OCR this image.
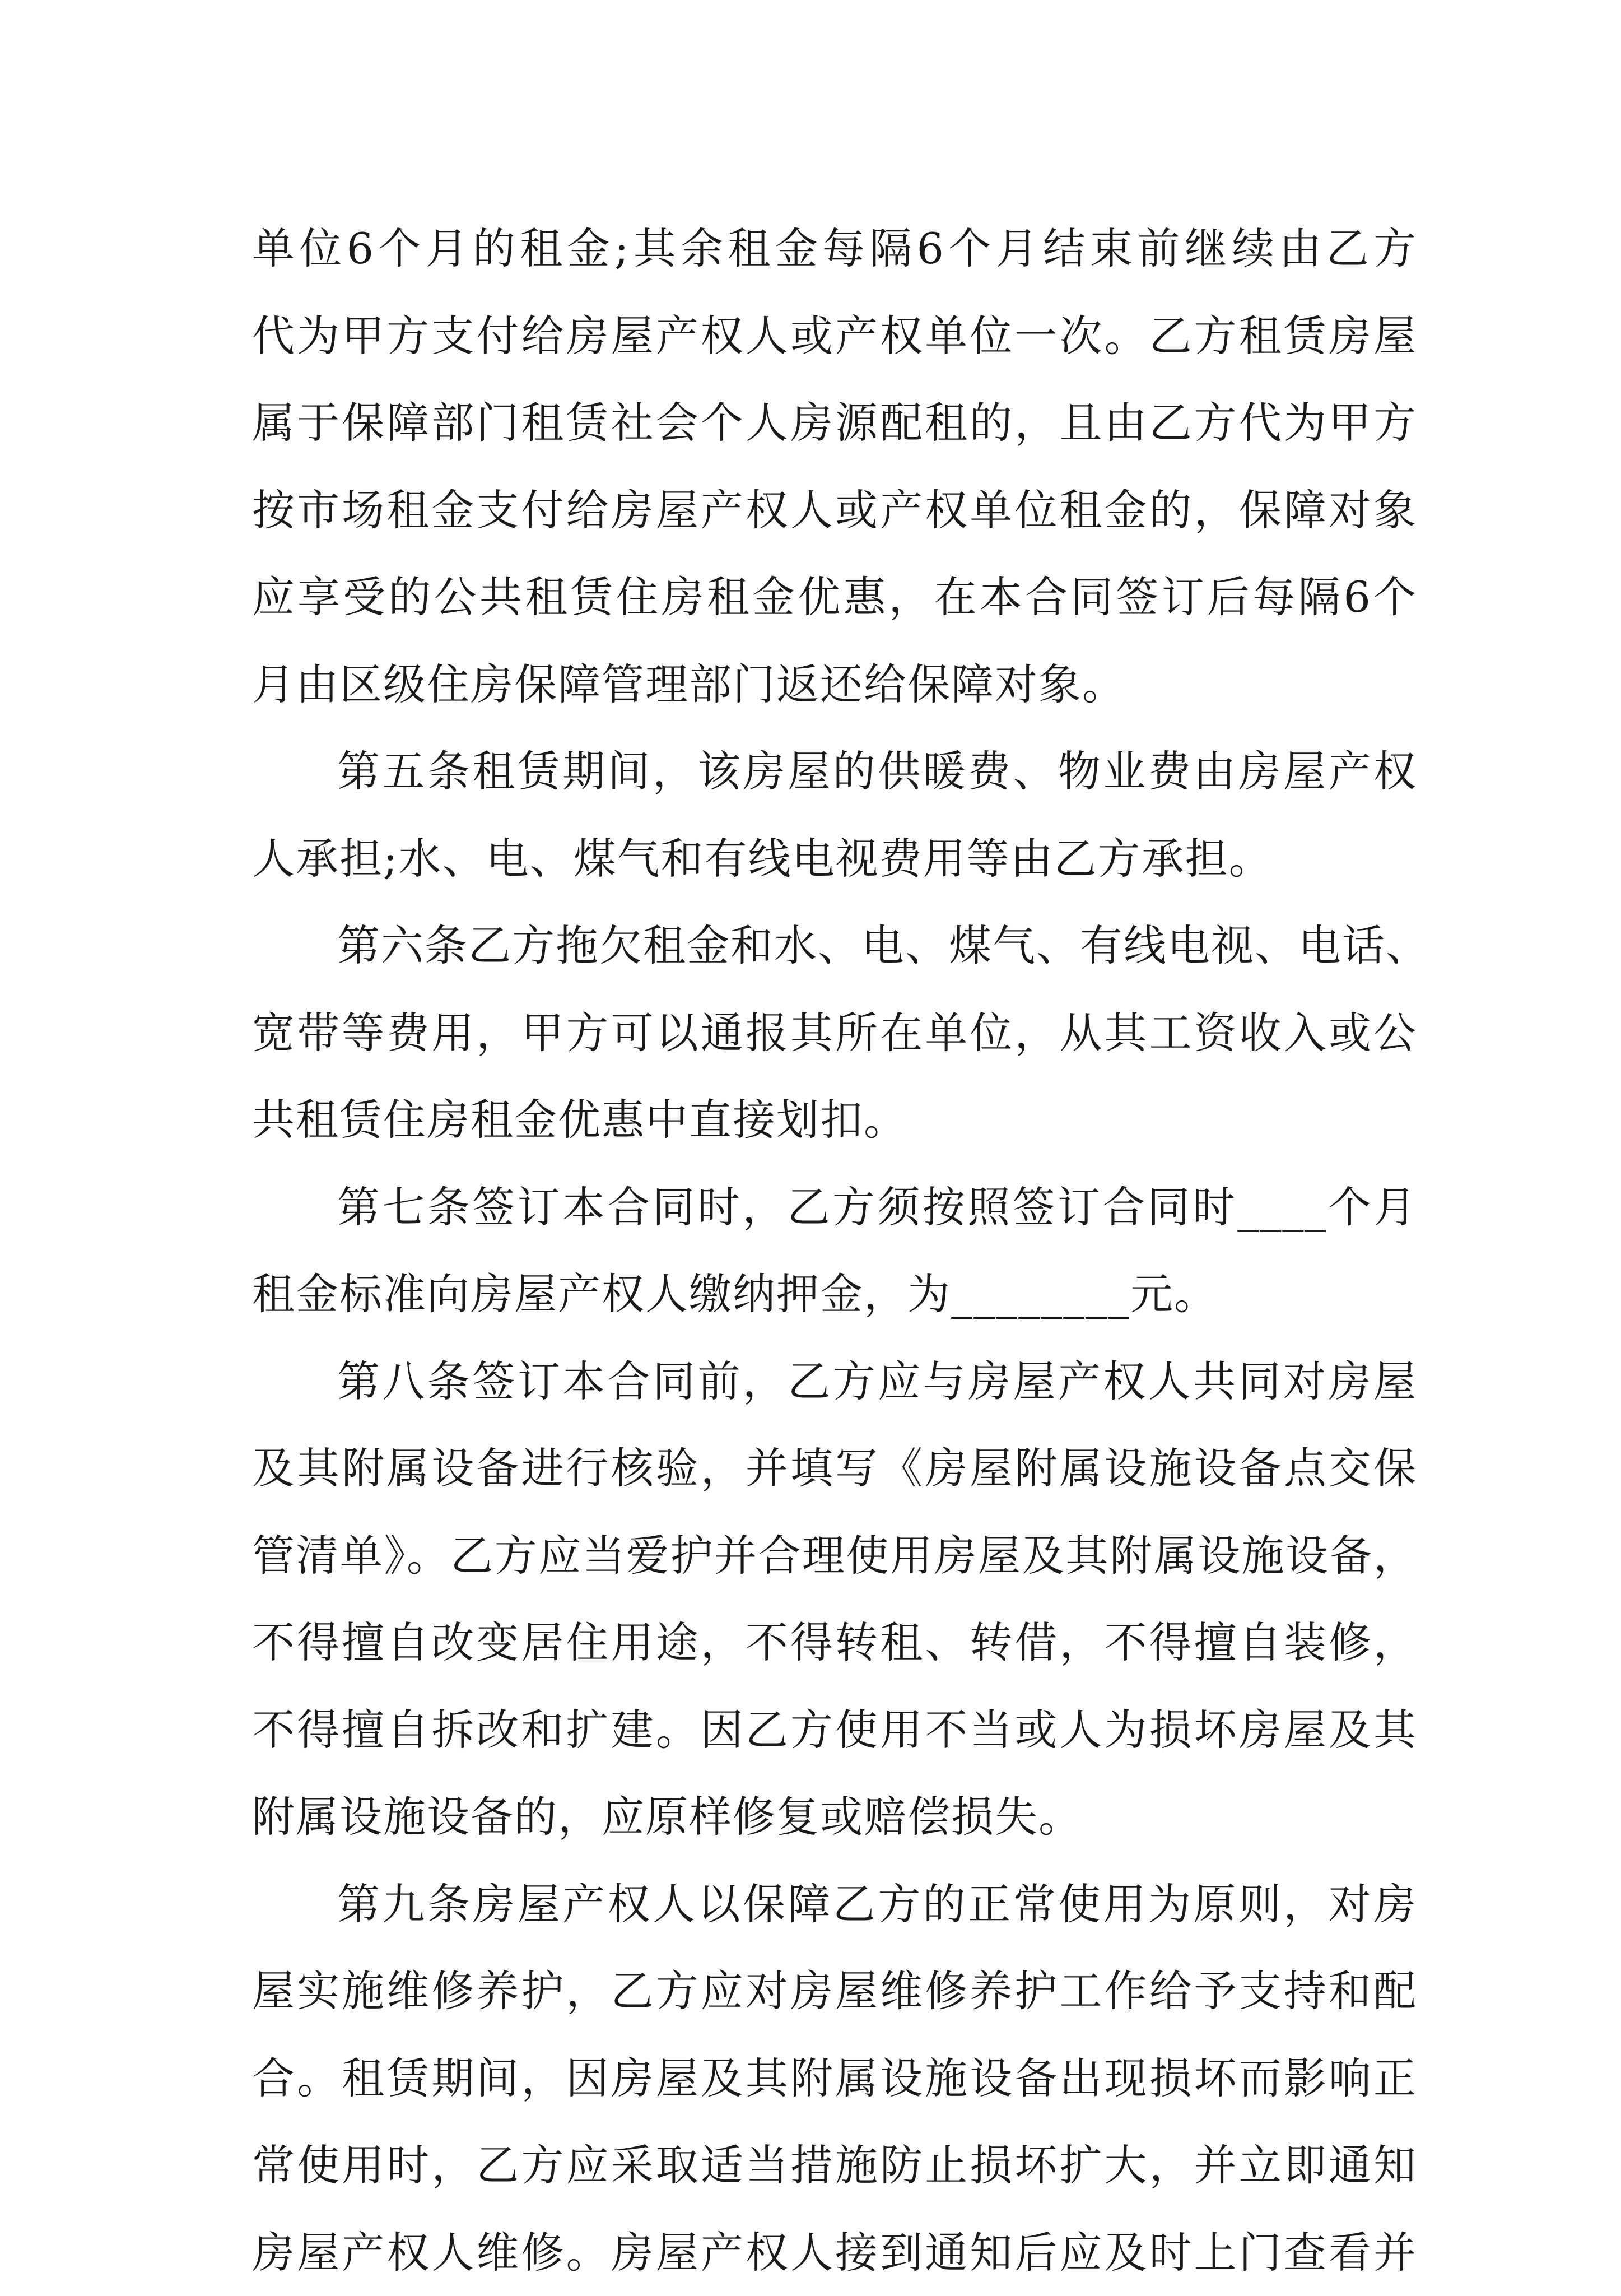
单位6个月的租金;其余租金每隔6个月结束前继续由乙方
代为甲方支付给房屋产权人或产权单位一次。乙方租赁房屋
属于保障部门租赁社会个人房源配租的，且由乙方代为甲方
按市场租金支付给房屋产权人或产权单位租金的，保障对象
应享受的公共租赁住房租金优惠，在本合同签订后每隔6个
月由区级住房保障管理部门返还给保障对象。
第五条租赁期间，该房屋的供暖费、物业费由房屋产权
人承担;水、电、煤气和有线电视费用等由乙方承担。
第六条乙方拖欠租金和水、电、煤气、有线电视、电话、
宽带等费用，甲方可以通报其所在单位，从其工资收入或公
共租赁住房租金优惠中直接划扣。
第七条签订本合同时，乙方须按照签订合同时____个月
租金标准向房屋产权人缴纳押金，为________元。
第八条签订本合同前，乙方应与房屋产权人共同对房屋
及其附属设备进行核验，并填写《房屋附属设施设备点交保
管清单》。乙方应当爱护并合理使用房屋及其附属设施设备，
不得擅自改变居住用途，不得转租、转借，不得擅自装修，
不得擅自拆改和扩建。因乙方使用不当或人为损坏房屋及其
附属设施设备的，应原样修复或赔偿损失。
第九条房屋产权人以保障乙方的正常使用为原则，对房
屋实施维修养护，乙方应对房屋维修养护工作给予支持和配
合。租赁期间，因房屋及其附属设施设备出现损坏而影响正
常使用时，乙方应采取适当措施防止损坏扩大，并立即通知
房屋产权人维修。房屋产权人接到通知后应及时上门查看并
